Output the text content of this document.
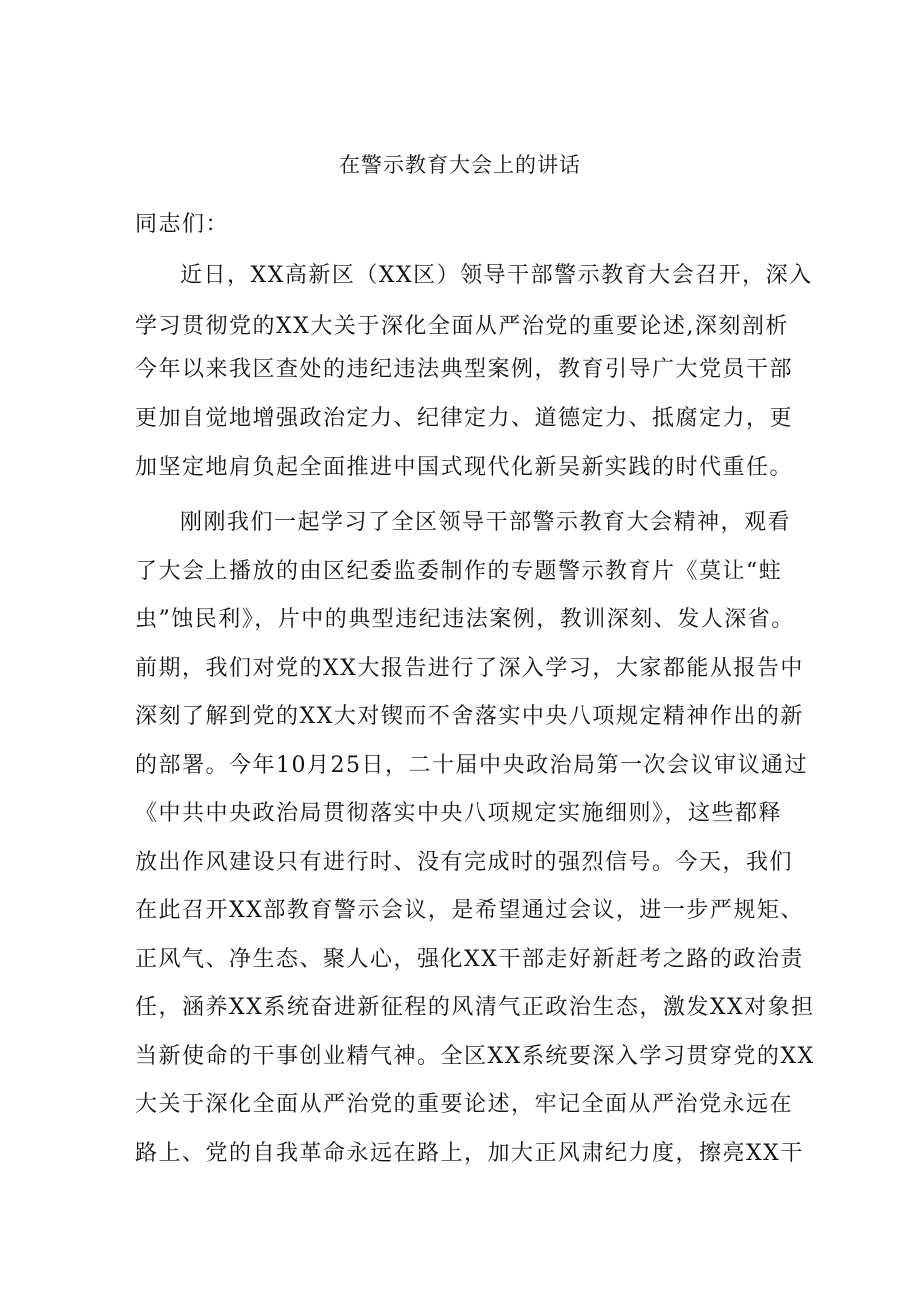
在警示教育大会上的讲话
同志们：
近日，XX高新区（XX区）领导干部警示教育大会召开，深入
学习贯彻党的XX大关于深化全面从严治党的重要论述,深刻剖析
今年以来我区查处的违纪违法典型案例，教育引导广大党员干部
更加自觉地增强政治定力、纪律定力、道德定力、抵腐定力，更
加坚定地肩负起全面推进中国式现代化新吴新实践的时代重任。
刚刚我们一起学习了全区领导干部警示教育大会精神，观看
了大会上播放的由区纪委监委制作的专题警示教育片《莫让“蛀
虫”蚀民利》，片中的典型违纪违法案例，教训深刻、发人深省。
前期，我们对党的XX大报告进行了深入学习，大家都能从报告中
深刻了解到党的XX大对锲而不舍落实中央八项规定精神作出的新
的部署。今年10月25日，二十届中央政治局第一次会议审议通过
《中共中央政治局贯彻落实中央八项规定实施细则》，这些都释
放出作风建设只有进行时、没有完成时的强烈信号。今天，我们
在此召开XX部教育警示会议，是希望通过会议，进一步严规矩、
正风气、净生态、聚人心，强化XX干部走好新赶考之路的政治责
任，涵养XX系统奋进新征程的风清气正政治生态，激发XX对象担
当新使命的干事创业精气神。全区XX系统要深入学习贯穿党的XX
大关于深化全面从严治党的重要论述，牢记全面从严治党永远在
路上、党的自我革命永远在路上，加大正风肃纪力度，擦亮XX干
